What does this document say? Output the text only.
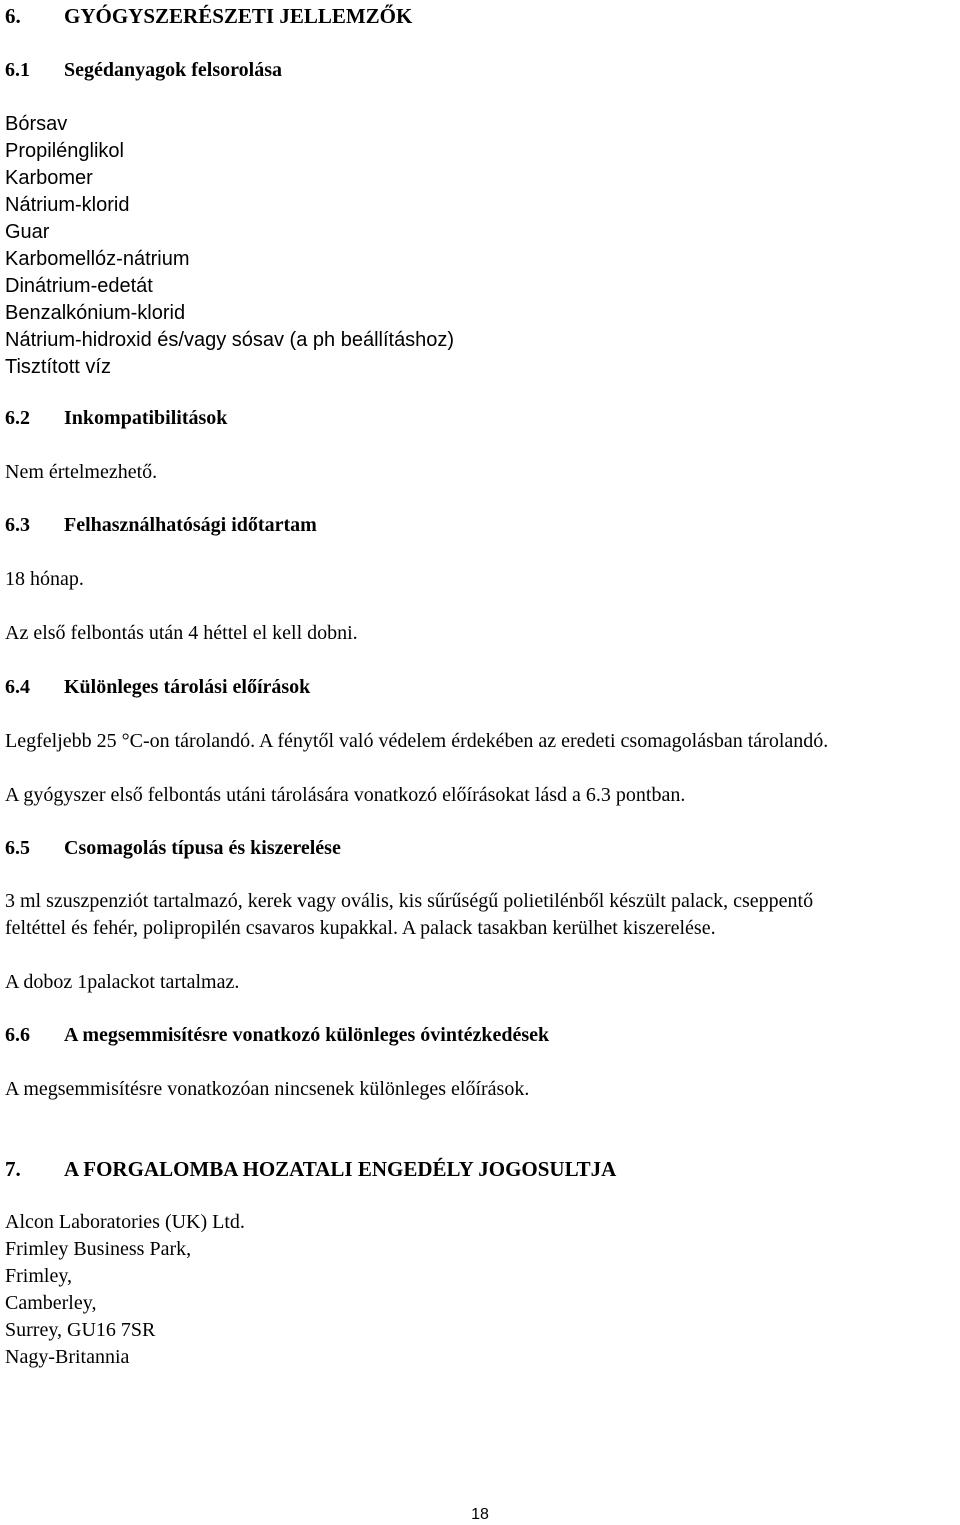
6. GYÓGYSZERÉSZETI JELLEMZŐK
6.1 Segédanyagok felsorolása
Bórsav
Propilénglikol
Karbomer
Nátrium-klorid
Guar
Karbomellóz-nátrium
Dinátrium-edetát
Benzalkónium-klorid
Nátrium-hidroxid és/vagy sósav (a ph beállításhoz)
Tisztított víz
6.2 Inkompatibilitások
Nem értelmezhető.
6.3 Felhasználhatósági időtartam
18 hónap.
Az első felbontás után 4 héttel el kell dobni.
6.4 Különleges tárolási előírások
Legfeljebb 25 °C-on tárolandó. A fénytől való védelem érdekében az eredeti csomagolásban tárolandó.
A gyógyszer első felbontás utáni tárolására vonatkozó előírásokat lásd a 6.3 pontban.
6.5 Csomagolás típusa és kiszerelése
3 ml szuszpenziót tartalmazó, kerek vagy ovális, kis sűrűségű polietilénből készült palack, cseppentő
feltéttel és fehér, polipropilén csavaros kupakkal. A palack tasakban kerülhet kiszerelése.
A doboz 1palackot tartalmaz.
6.6 A megsemmisítésre vonatkozó különleges óvintézkedések
A megsemmisítésre vonatkozóan nincsenek különleges előírások.
7. A FORGALOMBA HOZATALI ENGEDÉLY JOGOSULTJA
Alcon Laboratories (UK) Ltd.
Frimley Business Park,
Frimley,
Camberley,
Surrey, GU16 7SR
Nagy-Britannia
18
